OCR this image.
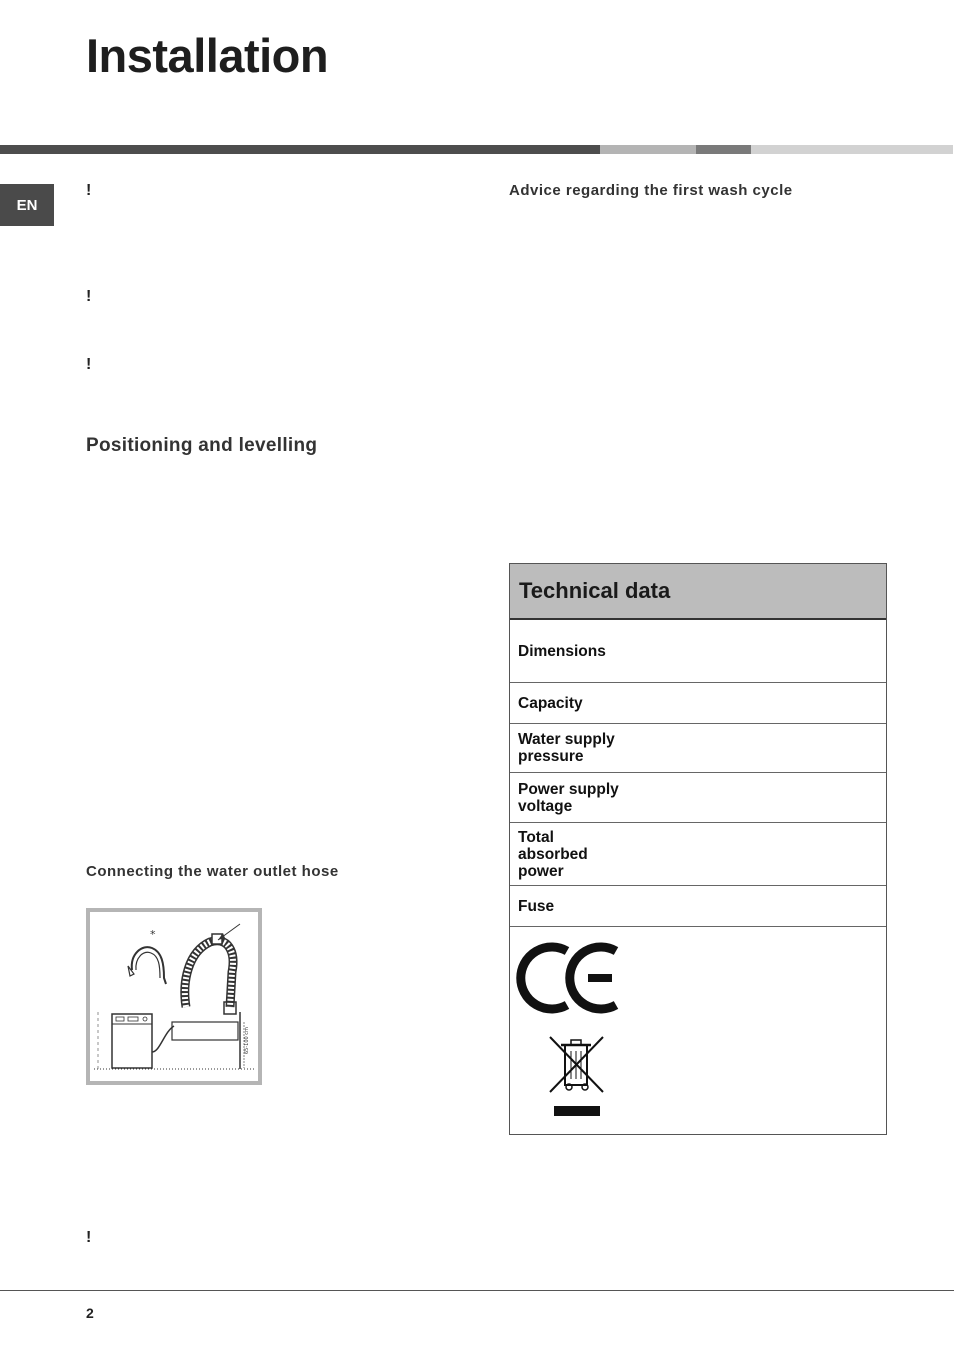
Installation
EN
!
!
!
!
Positioning and levelling
Connecting the water outlet hose
Advice regarding the first wash cycle
*
65-100 cm
Technical data
Dimensions
Capacity
Water supply
pressure
Power supply
voltage
Total
absorbed
power
Fuse
2
